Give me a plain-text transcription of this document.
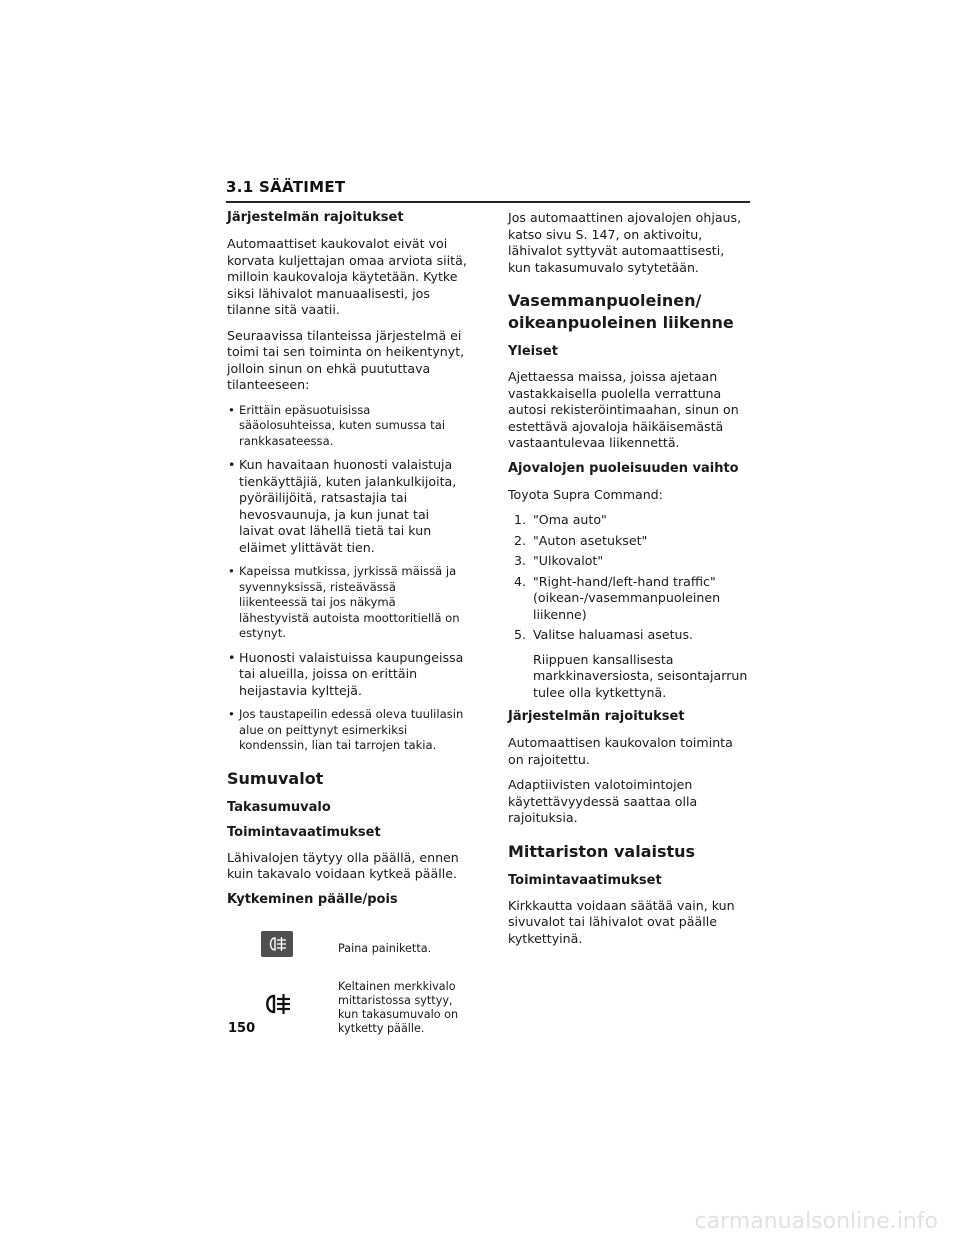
3.1 SÄÄTIMET
Järjestelmän rajoitukset

Automaattiset kaukovalot eivät voi korvata kuljettajan omaa arviota siitä, milloin kaukovaloja käytetään. Kytke siksi lähivalot manuaalisesti, jos tilanne sitä vaatii.

Seuraavissa tilanteissa järjestelmä ei toimi tai sen toiminta on heikentynyt, jolloin sinun on ehkä puututtava tilanteeseen:

• Erittäin epäsuotuisissa sääolosuhteissa, kuten sumussa tai rankkasateessa.
• Kun havaitaan huonosti valaistuja tienkäyttäjiä, kuten jalankulkijoita, pyöräilijöitä, ratsastajia tai hevosvaunuja, ja kun junat tai laivat ovat lähellä tietä tai kun eläimet ylittävät tien.
• Kapeissa mutkissa, jyrkissä mäissä ja syvennyksissä, risteävässä liikenteessä tai jos näkymä lähestyvistä autoista moottoritiellä on estynyt.
• Huonosti valaistuissa kaupungeissa tai alueilla, joissa on erittäin heijastavia kylttejä.
• Jos taustapeilin edessä oleva tuulilasin alue on peittynyt esimerkiksi kondenssin, lian tai tarrojen takia.
Sumuvalot
Takasumuvalo
Toimintavaatimukset

Lähivalojen täytyy olla päällä, ennen kuin takavalo voidaan kytkeä päälle.

Kytkeminen päälle/pois
Paina painiketta.
Keltainen merkkivalo mittaristossa syttyy, kun takasumuvalo on kytketty päälle.

Jos automaattinen ajovalojen ohjaus, katso sivu S. 147, on aktivoitu, lähivalot syttyvät automaattisesti, kun takasumuvalo sytytetään.

Vasemmanpuoleinen/ oikeanpuoleinen liikenne
Yleiset

Ajettaessa maissa, joissa ajetaan vastakkaisella puolella verrattuna autosi rekisteröintimaahan, sinun on estettävä ajovaloja häikäisemästä vastaantulevaa liikennettä.

Ajovalojen puoleisuuden vaihto

Toyota Supra Command:

1. "Oma auto"
2. "Auton asetukset"
3. "Ulkovalot"
4. "Right-hand/left-hand traffic" (oikean-/vasemmanpuoleinen liikenne)
5. Valitse haluamasi asetus.
Riippuen kansallisesta markkinaversiosta, seisontajarrun tulee olla kytkettynä.
Järjestelmän rajoitukset

Automaattisen kaukovalon toiminta on rajoitettu.

Adaptiivisten valotoimintojen käytettävyydessä saattaa olla rajoituksia.

Mittariston valaistus
Toimintavaatimukset

Kirkkautta voidaan säätää vain, kun sivuvalot tai lähivalot ovat päälle kytkettyinä.

150
carmanualsonline.info
